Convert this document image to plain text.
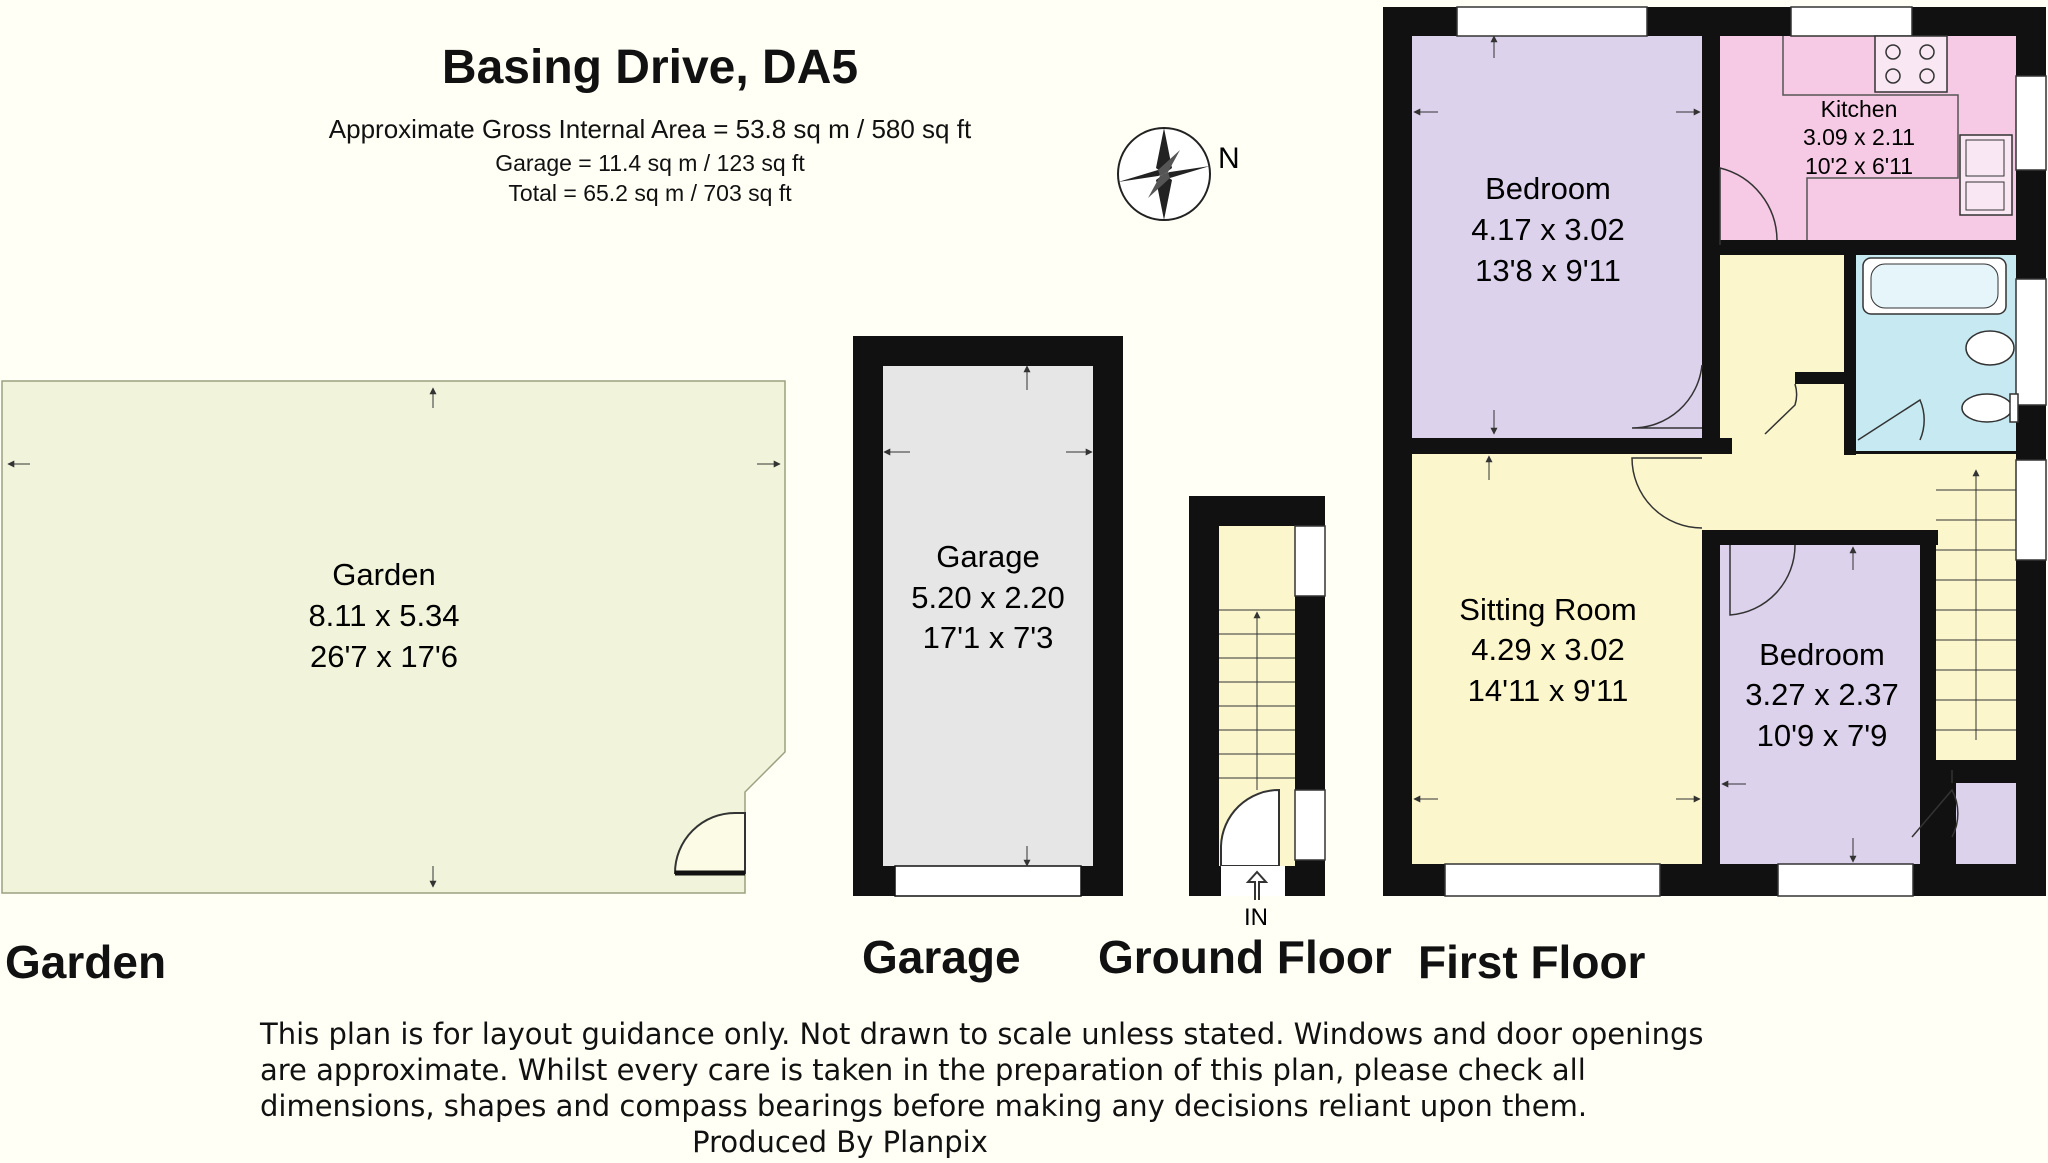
Basing Drive, DA5
Approximate Gross Internal Area = 53.8 sq m / 580 sq ft
Garage = 11.4 sq m / 123 sq ft
Total = 65.2 sq m / 703 sq ft
N
Garden
8.11 x 5.34
26'7 x 17'6
Garage
5.20 x 2.20
17'1 x 7'3
IN
Bedroom
4.17 x 3.02
13'8 x 9'11
Kitchen
3.09 x 2.11
10'2 x 6'11
Sitting Room
4.29 x 3.02
14'11 x 9'11
Bedroom
3.27 x 2.37
10'9 x 7'9
Garden	Garage Ground Floor First Floor
This plan is for layout guidance only. Not drawn to scale unless stated. Windows and door openings
are approximate. Whilst every care is taken in the preparation of this plan, please check all
dimensions, shapes and compass bearings before making any decisions reliant upon them.
Produced By Planpix
